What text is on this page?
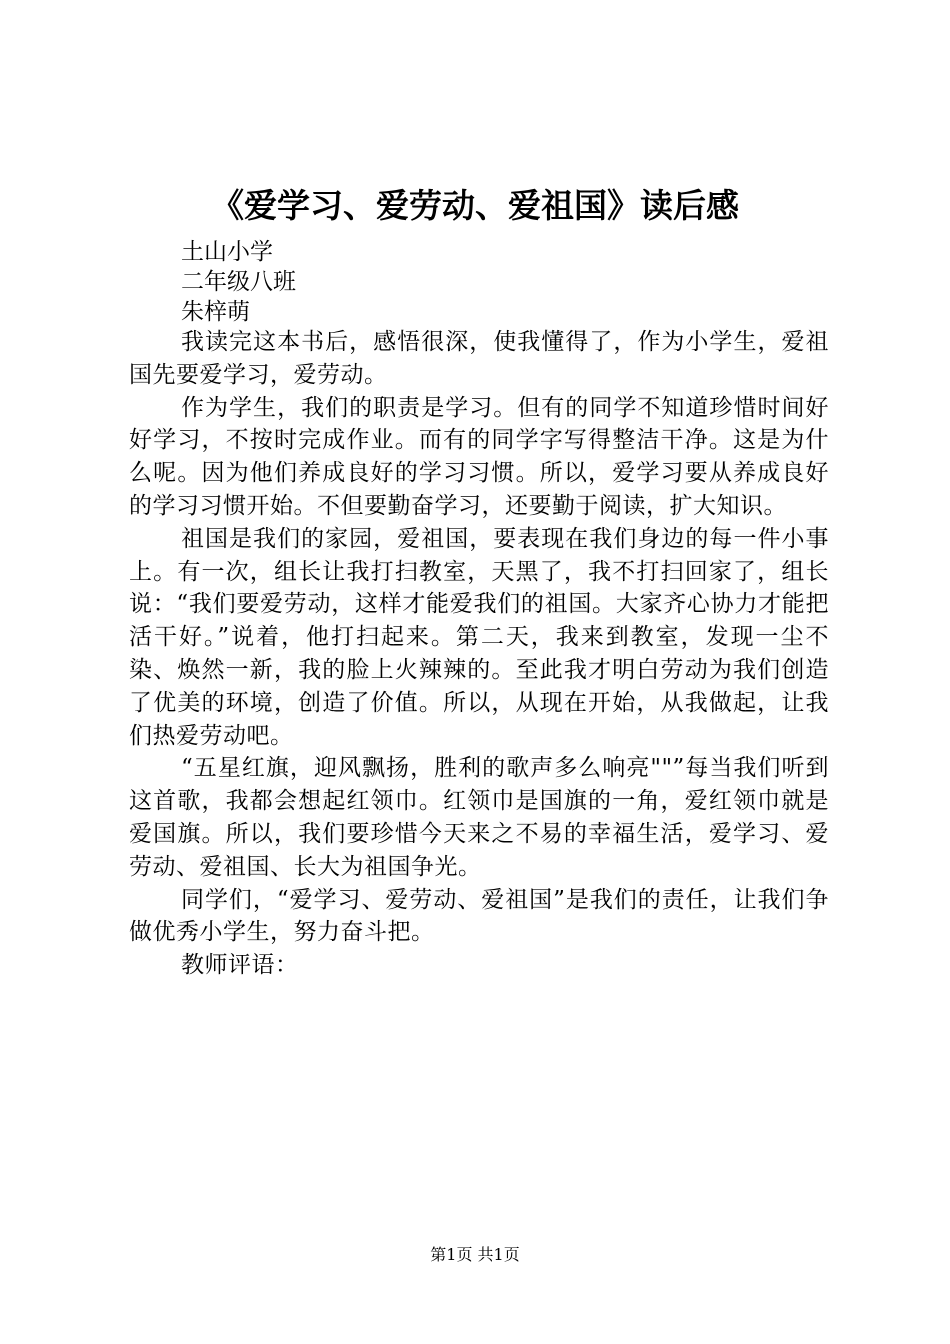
《爱学习、爱劳动、爱祖国》读后感
土山小学
二年级八班
朱梓萌

我读完这本书后，感悟很深，使我懂得了，作为小学生，爱祖国先要爱学习，爱劳动。

作为学生，我们的职责是学习。但有的同学不知道珍惜时间好好学习，不按时完成作业。而有的同学字写得整洁干净。这是为什么呢。因为他们养成良好的学习习惯。所以，爱学习要从养成良好的学习习惯开始。不但要勤奋学习，还要勤于阅读，扩大知识。

祖国是我们的家园，爱祖国，要表现在我们身边的每一件小事上。有一次，组长让我打扫教室，天黑了，我不打扫回家了，组长说：“我们要爱劳动，这样才能爱我们的祖国。大家齐心协力才能把活干好。”说着，他打扫起来。第二天，我来到教室，发现一尘不染、焕然一新，我的脸上火辣辣的。至此我才明白劳动为我们创造了优美的环境，创造了价值。所以，从现在开始，从我做起，让我们热爱劳动吧。

“五星红旗，迎风飘扬，胜利的歌声多么响亮""”每当我们听到这首歌，我都会想起红领巾。红领巾是国旗的一角，爱红领巾就是爱国旗。所以，我们要珍惜今天来之不易的幸福生活，爱学习、爱劳动、爱祖国、长大为祖国争光。

同学们，“爱学习、爱劳动、爱祖国”是我们的责任，让我们争做优秀小学生，努力奋斗把。

教师评语：

第1页 共1页
